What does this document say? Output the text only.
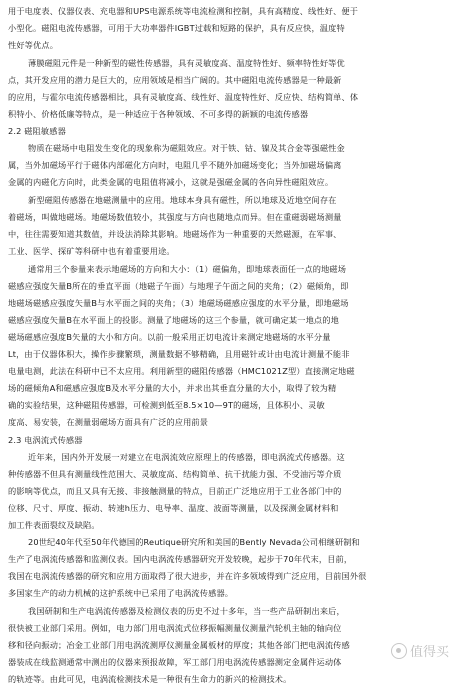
用于电度表、仪器仪表、充电器和UPS电源系统等电流检测和控制，具有高精度、线性好、便于
小型化。磁阻电流传感器，可用于大功率器件IGBT过载和短路的保护，具有反应快，温度特
性好等优点。
薄膜磁阻元件是一种新型的磁性传感器，具有灵敏度高、温度特性好、频率特性好等优
点，其开发应用的潜力是巨大的，应用领域是相当广阔的。其中磁阻电流传感器是一种最新
的应用，与霍尔电流传感器相比，具有灵敏度高、线性好、温度特性好、反应快、结构简单、体
积特小、价格低廉等特点，是一种适应于各种领域、不可多得的新颖的电流传感器
2.2 磁阻敏感器
物质在磁场中电阻发生变化的现象称为磁阻效应。对于铁、钴、镍及其合金等强磁性金
属，当外加磁场平行于磁体内部磁化方向时，电阻几乎不随外加磁场变化；当外加磁场偏离
金属的内磁化方向时，此类金属的电阻值将减小，这就是强磁金属的各向异性磁阻效应。
新型磁阻传感器在地磁测量中的应用。地球本身具有磁性，所以地球及近地空间存在
着磁场，叫做地磁场。地磁场数值较小，其强度与方向也随地点而异。但在重磁弱磁场测量
中，往往需要知道其数值，并设法消除其影响。地磁场作为一种重要的天然磁源，在军事、
工业、医学、探矿等科研中也有着重要用途。
通常用三个参量来表示地磁场的方向和大小：（1）磁偏角，即地球表面任一点的地磁场
磁感应强度矢量B所在的垂直平面（地磁子午面）与地理子午面之间的夹角；（2）磁倾角，即
地磁场磁感应强度矢量B与水平面之间的夹角；（3）地磁场磁感应强度的水平分量，即地磁场
磁感应强度矢量B在水平面上的投影。测量了地磁场的这三个参量，就可确定某一地点的地
磁场磁感应强度B矢量的大小和方向。以前一般采用正切电流计来测定地磁场的水平分量
Lt，由于仪器体积大，操作步骤繁琐，测量数据不够精确，且用磁针或计由电流计测量不能非
电量电测，此法在科研中已不太应用。利用新型的磁阻传感器（HMC1021Z型）直接测定地磁
场的磁倾角A和磁感应强度B及水平分量的大小，并求出其垂直分量的大小，取得了较为精
确的实验结果，这种磁阻传感器，可检测到低至8.5×10—9T的磁场，且体积小、灵敏
度高、易安装，在测量弱磁场方面具有广泛的应用前景
2.3 电涡流式传感器
近年来，国内外开发展一对建立在电涡流效应原理上的传感器，即电涡流式传感器。这
种传感器不但具有测量线性范围大、灵敏度高、结构简单、抗干扰能力强、不受油污等介质
的影响等优点，而且又具有无接、非接触测量的特点，目前正广泛地应用于工业各部门中的
位移、尺寸、厚度、振动、转速h压力、电导率、温度、波面等测量，以及探测金属材料和
加工件表面裂纹及缺陷。
20世纪40年代至50年代德国的Reutique研究所和美国的Bently Nevada公司相继研制和
生产了电涡流传感器和监测仪表。国内电涡流传感器研究开发较晚，起步于70年代末，目前，
我国在电涡流传感器的研究和应用方面取得了很大进步，并在许多领域得到广泛应用，目前国外很
多国家生产的动力机械的这护系统中已采用了电涡流传感器。
我国研制和生产电涡流传感器及检测仪表的历史不过十多年，当一些产品研制出来后，
很快被工业部门采用。例如，电力部门用电涡流式位移振幅测量仪测量汽轮机主轴的轴向位
移和径向振动；冶金工业部门用电涡流测厚仪测量金属板材的厚度；其他各部门把电涡流传感
器装成在线监测通常中测出的仪器来预报故障，军工部门用电涡流传感器测定金属件运动体
的轨迹等。由此可见，电涡流检测技术是一种很有生命力的新兴的检测技术。
值得买
